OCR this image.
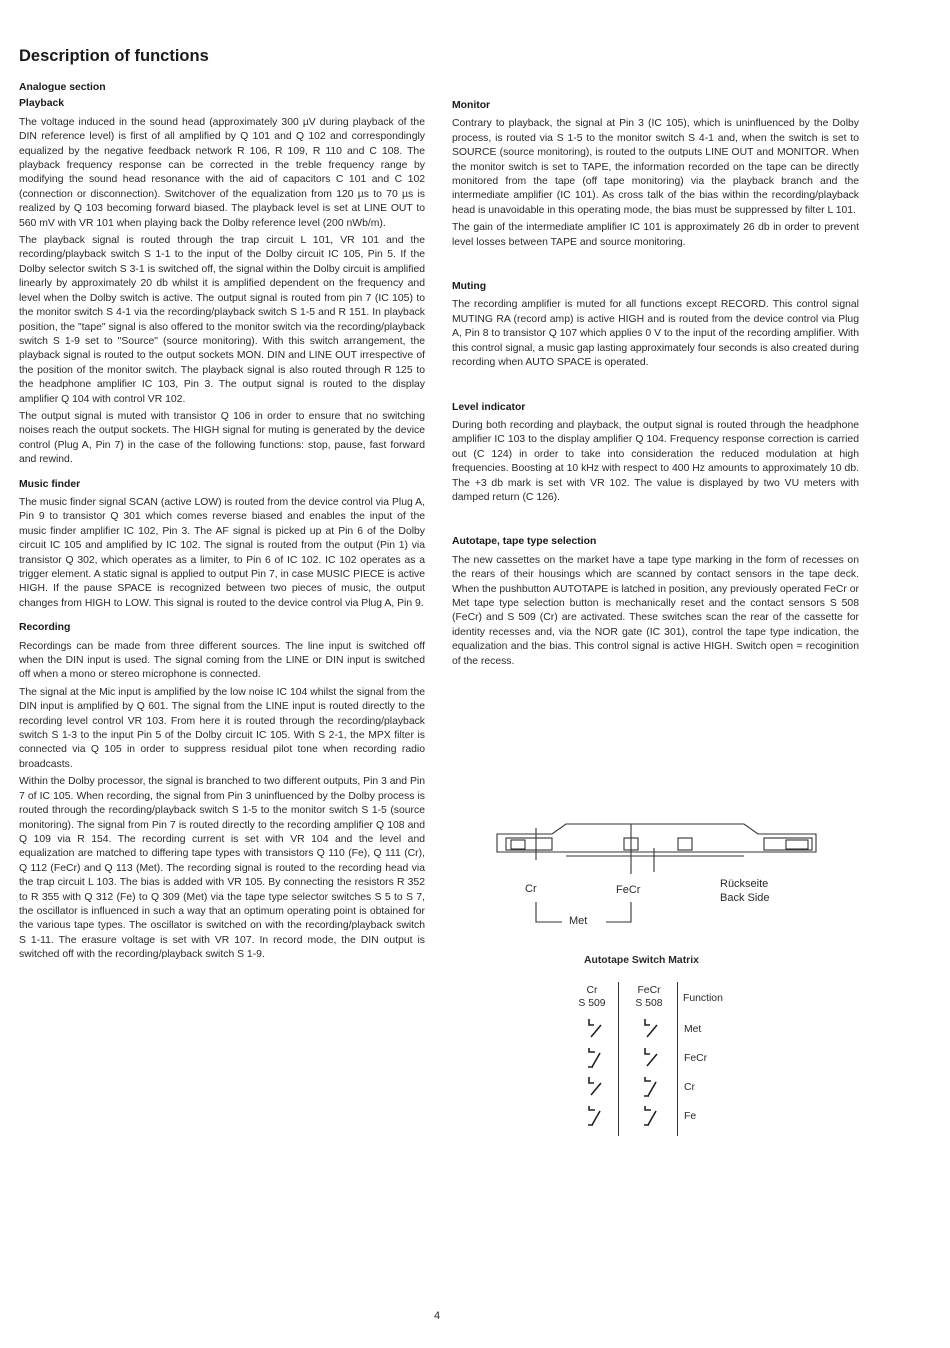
Description of functions
Analogue section
Playback

The voltage induced in the sound head (approximately 300 µV during playback of the DIN reference level) is first of all amplified by Q 101 and Q 102 and correspondingly equalized by the negative feedback network R 106, R 109, R 110 and C 108. The playback frequency response can be corrected in the treble frequency range by modifying the sound head resonance with the aid of capacitors C 101 and C 102 (connection or disconnection). Switchover of the equalization from 120 µs to 70 µs is realized by Q 103 becoming forward biased. The playback level is set at LINE OUT to 560 mV with VR 101 when playing back the Dolby reference level (200 nWb/m).

The playback signal is routed through the trap circuit L 101, VR 101 and the recording/playback switch S 1-1 to the input of the Dolby circuit IC 105, Pin 5. If the Dolby selector switch S 3-1 is switched off, the signal within the Dolby circuit is amplified linearly by approximately 20 db whilst it is amplified dependent on the frequency and level when the Dolby switch is active. The output signal is routed from pin 7 (IC 105) to the monitor switch S 4-1 via the recording/playback switch S 1-5 and R 151. In playback position, the "tape" signal is also offered to the monitor switch via the recording/playback switch S 1-9 set to "Source" (source monitoring). With this switch arrangement, the playback signal is routed to the output sockets MON. DIN and LINE OUT irrespective of the position of the monitor switch. The playback signal is also routed through R 125 to the headphone amplifier IC 103, Pin 3. The output signal is routed to the display amplifier Q 104 with control VR 102.

The output signal is muted with transistor Q 106 in order to ensure that no switching noises reach the output sockets. The HIGH signal for muting is generated by the device control (Plug A, Pin 7) in the case of the following functions: stop, pause, fast forward and rewind.

Music finder

The music finder signal SCAN (active LOW) is routed from the device control via Plug A, Pin 9 to transistor Q 301 which comes reverse biased and enables the input of the music finder amplifier IC 102, Pin 3. The AF signal is picked up at Pin 6 of the Dolby circuit IC 105 and amplified by IC 102. The signal is routed from the output (Pin 1) via transistor Q 302, which operates as a limiter, to Pin 6 of IC 102. IC 102 operates as a trigger element. A static signal is applied to output Pin 7, in case MUSIC PIECE is active HIGH. If the pause SPACE is recognized between two pieces of music, the output changes from HIGH to LOW. This signal is routed to the device control via Plug A, Pin 9.

Recording

Recordings can be made from three different sources. The line input is switched off when the DIN input is used. The signal coming from the LINE or DIN input is switched off when a mono or stereo microphone is connected.

The signal at the Mic input is amplified by the low noise IC 104 whilst the signal from the DIN input is amplified by Q 601. The signal from the LINE input is routed directly to the recording level control VR 103. From here it is routed through the recording/playback switch S 1-3 to the input Pin 5 of the Dolby circuit IC 105. With S 2-1, the MPX filter is connected via Q 105 in order to suppress residual pilot tone when recording radio broadcasts.

Within the Dolby processor, the signal is branched to two different outputs, Pin 3 and Pin 7 of IC 105. When recording, the signal from Pin 3 uninfluenced by the Dolby process is routed through the recording/playback switch S 1-5 to the monitor switch S 1-5 (source monitoring). The signal from Pin 7 is routed directly to the recording amplifier Q 108 and Q 109 via R 154. The recording current is set with VR 104 and the level and equalization are matched to differing tape types with transistors Q 110 (Fe), Q 111 (Cr), Q 112 (FeCr) and Q 113 (Met). The recording signal is routed to the recording head via the trap circuit L 103. The bias is added with VR 105. By connecting the resistors R 352 to R 355 with Q 312 (Fe) to Q 309 (Met) via the tape type selector switches S 5 to S 7, the oscillator is influenced in such a way that an optimum operating point is obtained for the various tape types. The oscillator is switched on with the recording/playback switch S 1-11. The erasure voltage is set with VR 107. In record mode, the DIN output is switched off with the recording/playback switch S 1-9.

Monitor

Contrary to playback, the signal at Pin 3 (IC 105), which is uninfluenced by the Dolby process, is routed via S 1-5 to the monitor switch S 4-1 and, when the switch is set to SOURCE (source monitoring), is routed to the outputs LINE OUT and MONITOR. When the monitor switch is set to TAPE, the information recorded on the tape can be directly monitored from the tape (off tape monitoring) via the playback branch and the intermediate amplifier (IC 101). As cross talk of the bias within the recording/playback head is unavoidable in this operating mode, the bias must be suppressed by filter L 101.

The gain of the intermediate amplifier IC 101 is approximately 26 db in order to prevent level losses between TAPE and source monitoring.

Muting

The recording amplifier is muted for all functions except RECORD. This control signal MUTING RA (record amp) is active HIGH and is routed from the device control via Plug A, Pin 8 to transistor Q 107 which applies 0 V to the input of the recording amplifier. With this control signal, a music gap lasting approximately four seconds is also created during recording when AUTO SPACE is operated.

Level indicator

During both recording and playback, the output signal is routed through the headphone amplifier IC 103 to the display amplifier Q 104. Frequency response correction is carried out (C 124) in order to take into consideration the reduced modulation at high frequencies. Boosting at 10 kHz with respect to 400 Hz amounts to approximately 10 db. The +3 db mark is set with VR 102. The value is displayed by two VU meters with damped return (C 126).

Autotape, tape type selection

The new cassettes on the market have a tape type marking in the form of recesses on the rears of their housings which are scanned by contact sensors in the tape deck. When the pushbutton AUTOTAPE is latched in position, any previously operated FeCr or Met tape type selection button is mechanically reset and the contact sensors S 508 (FeCr) and S 509 (Cr) are activated. These switches scan the rear of the cassette for identity recesses and, via the NOR gate (IC 301), control the tape type indication, the equalization and the bias. This control signal is active HIGH. Switch open = recoginition of the recess.

Cr	FeCr
Met
Rückseite
Back Side
Autotape Switch Matrix
Cr
S 509
FeCr
S 508	Function
Met
FeCr
Cr
Fe
4
